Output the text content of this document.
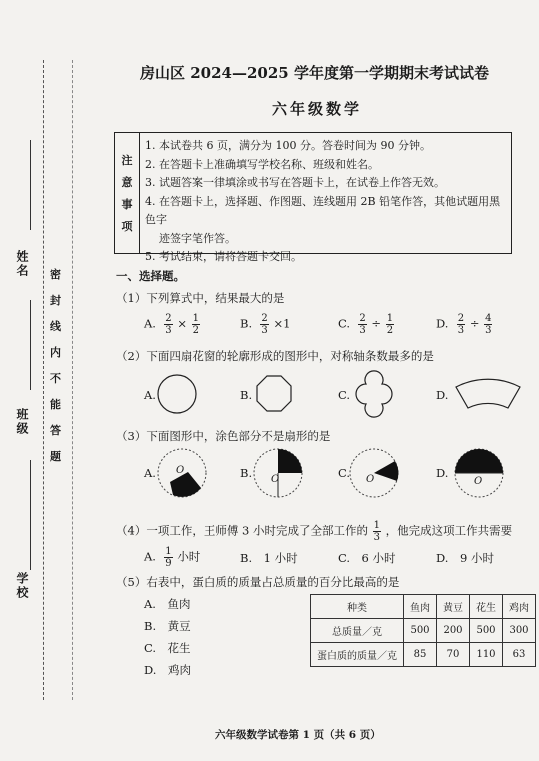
姓名
班级
学校
密
封
线
内
不
能
答
题
房山区 2024—2025 学年度第一学期期末考试试卷
六年级数学
注
意
事
项
1. 本试卷共 6 页，满分为 100 分。答卷时间为 90 分钟。
2. 在答题卡上准确填写学校名称、班级和姓名。
3. 试题答案一律填涂或书写在答题卡上，在试卷上作答无效。
4. 在答题卡上，选择题、作图题、连线题用 2B 铅笔作答，其他试题用黑色字
迹签字笔作答。
5. 考试结束，请将答题卡交回。
一、选择题。
（1）下列算式中，结果最大的是
A. $\frac{2}{3} \times \frac{1}{2}$	B. $\frac{2}{3} \times 1$	C. $\frac{2}{3} \div \frac{1}{2}$	D. $\frac{2}{3} \div \frac{4}{3}$
（2）下面四扇花窗的轮廓形成的图形中，对称轴条数最多的是
A.	B.	C.	D.
（3）下面图形中，涂色部分不是扇形的是
A.	B.	C.	D.
O
O	O	O
（4）一项工作，王师傅 3 小时完成了全部工作的 $\frac{1}{3}$ ，他完成这项工作共需要
A. $\frac{1}{9}$ 小时	B.　1 小时	C.　6 小时	D.　9 小时
（5）右表中，蛋白质的质量占总质量的百分比最高的是
A.　鱼肉
B.　黄豆
C.　花生
D.　鸡肉
种类	鱼肉	黄豆	花生	鸡肉
总质量／克	500	200	500	300
蛋白质的质量／克	85	70	110	63
六年级数学试卷第 1 页（共 6 页）
